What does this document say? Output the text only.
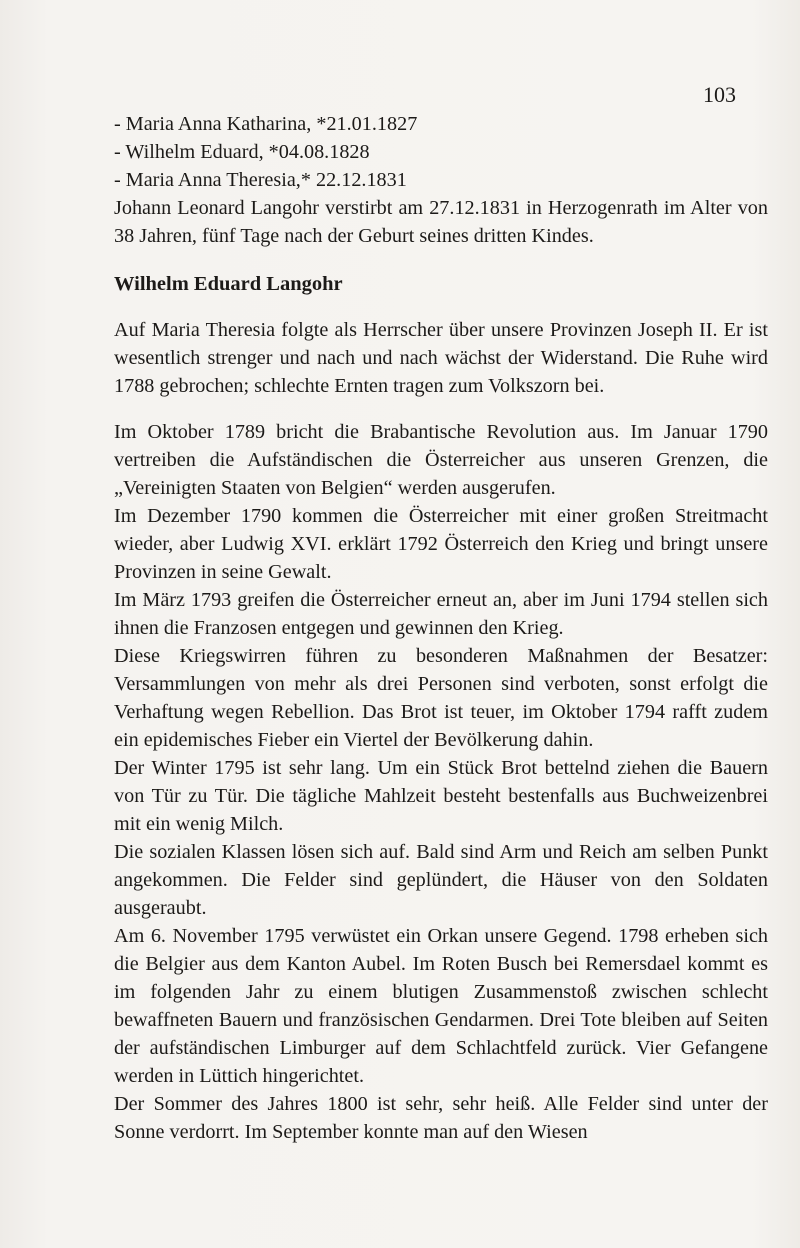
103

- Maria Anna Katharina, *21.01.1827

- Wilhelm Eduard, *04.08.1828

- Maria Anna Theresia,* 22.12.1831

Johann Leonard Langohr verstirbt am 27.12.1831 in Herzogenrath im Alter von 38 Jahren, fünf Tage nach der Geburt seines dritten Kindes.

Wilhelm Eduard Langohr

Auf Maria Theresia folgte als Herrscher über unsere Provinzen Joseph II. Er ist wesentlich strenger und nach und nach wächst der Widerstand. Die Ruhe wird 1788 gebrochen; schlechte Ernten tragen zum Volkszorn bei.

Im Oktober 1789 bricht die Brabantische Revolution aus. Im Januar 1790 vertreiben die Aufständischen die Österreicher aus unseren Grenzen, die „Vereinigten Staaten von Belgien“ werden ausgerufen.

Im Dezember 1790 kommen die Österreicher mit einer großen Streitmacht wieder, aber Ludwig XVI. erklärt 1792 Österreich den Krieg und bringt unsere Provinzen in seine Gewalt.

Im März 1793 greifen die Österreicher erneut an, aber im Juni 1794 stellen sich ihnen die Franzosen entgegen und gewinnen den Krieg.

Diese Kriegswirren führen zu besonderen Maßnahmen der Besatzer: Versammlungen von mehr als drei Personen sind verboten, sonst erfolgt die Verhaftung wegen Rebellion. Das Brot ist teuer, im Oktober 1794 rafft zudem ein epidemisches Fieber ein Viertel der Bevölkerung dahin.

Der Winter 1795 ist sehr lang. Um ein Stück Brot bettelnd ziehen die Bauern von Tür zu Tür. Die tägliche Mahlzeit besteht bestenfalls aus Buchweizenbrei mit ein wenig Milch.

Die sozialen Klassen lösen sich auf. Bald sind Arm und Reich am selben Punkt angekommen. Die Felder sind geplündert, die Häuser von den Soldaten ausgeraubt.

Am 6. November 1795 verwüstet ein Orkan unsere Gegend. 1798 erheben sich die Belgier aus dem Kanton Aubel. Im Roten Busch bei Remersdael kommt es im folgenden Jahr zu einem blutigen Zusammenstoß zwischen schlecht bewaffneten Bauern und französischen Gendarmen. Drei Tote bleiben auf Seiten der aufständischen Limburger auf dem Schlachtfeld zurück. Vier Gefangene werden in Lüttich hingerichtet.

Der Sommer des Jahres 1800 ist sehr, sehr heiß. Alle Felder sind unter der Sonne verdorrt. Im September konnte man auf den Wiesen
